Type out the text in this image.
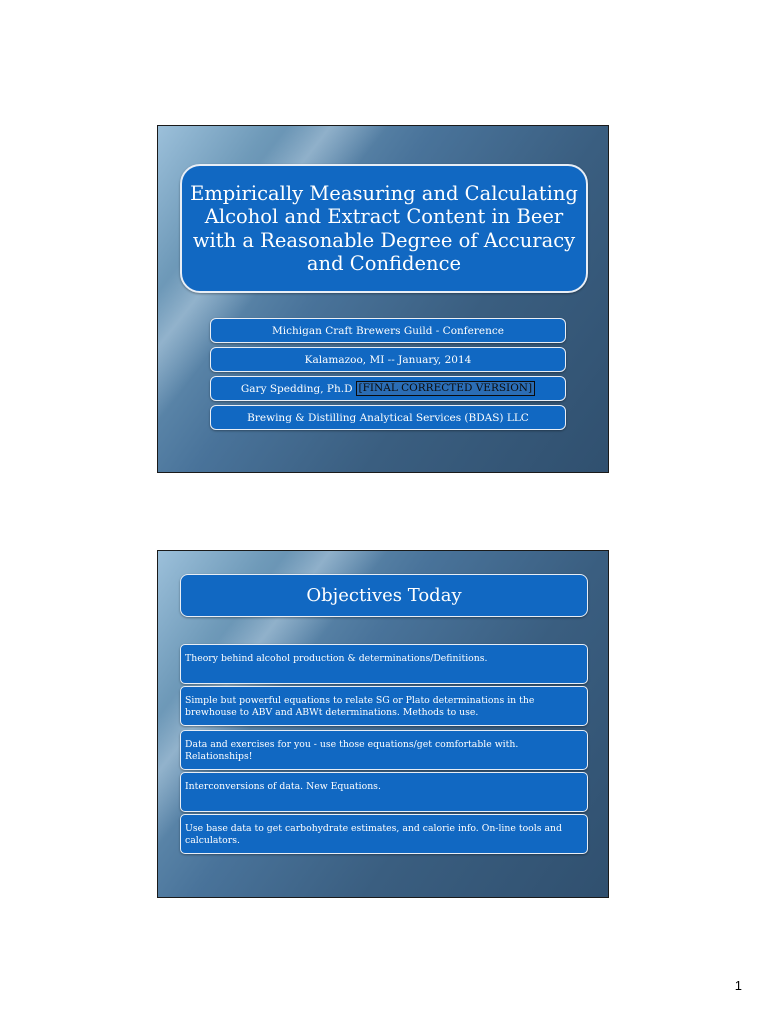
Empirically Measuring and Calculating Alcohol and Extract Content in Beer with a Reasonable Degree of Accuracy and Confidence
Michigan Craft Brewers Guild - Conference
Kalamazoo, MI -- January, 2014
Gary Spedding, Ph.D [FINAL CORRECTED VERSION]
Brewing & Distilling Analytical Services (BDAS) LLC
Objectives Today
Theory behind alcohol production & determinations/Definitions.
Simple but powerful equations to relate SG or Plato determinations in the brewhouse to ABV and ABWt determinations. Methods to use.
Data and exercises for you - use those equations/get comfortable with. Relationships!
Interconversions of data. New Equations.
Use base data to get carbohydrate estimates, and calorie info. On-line tools and calculators.
1
